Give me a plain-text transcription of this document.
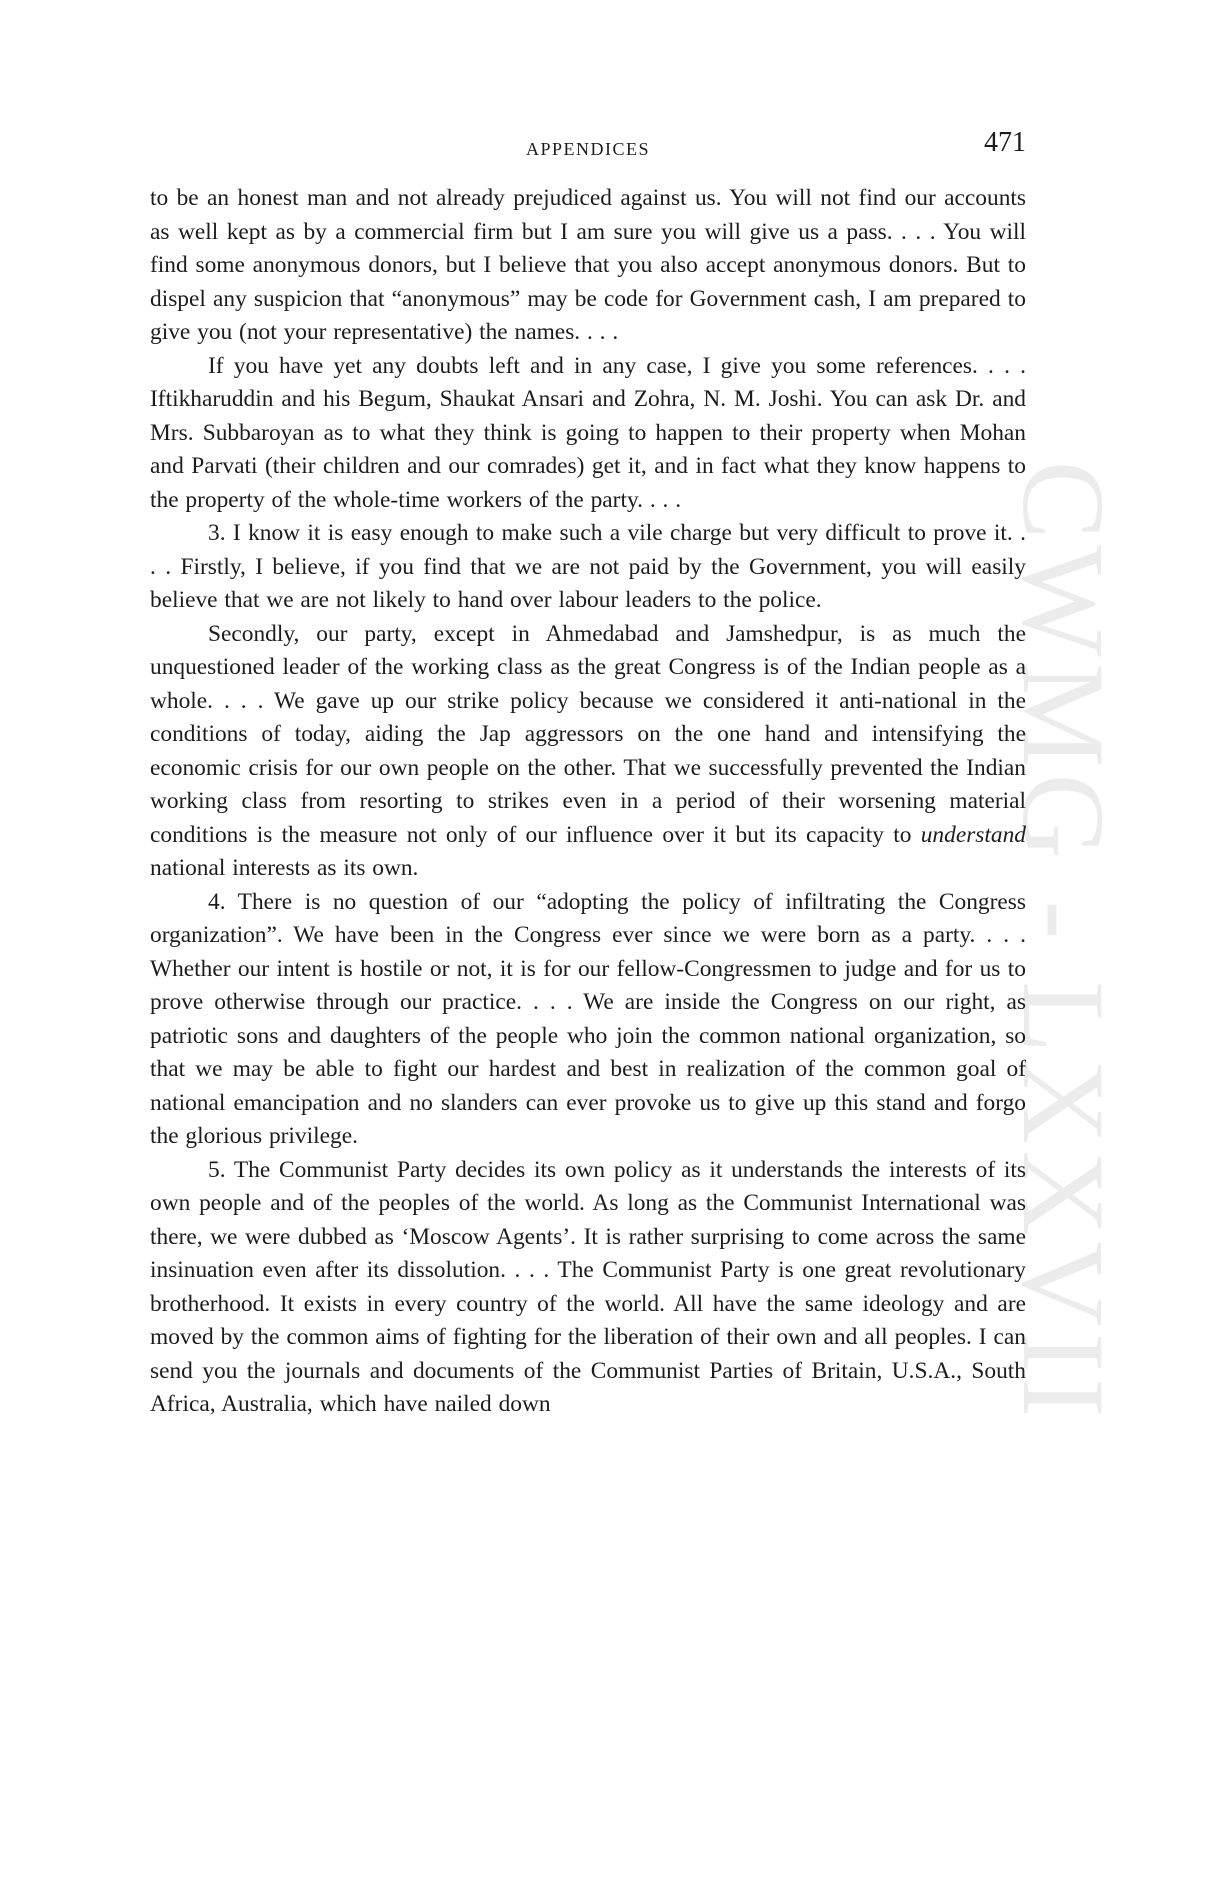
CWMG - LXXVII
APPENDICES	471

to be an honest man and not already prejudiced against us. You will not find our accounts as well kept as by a commercial firm but I am sure you will give us a pass. . . . You will find some anonymous donors, but I believe that you also accept anonymous donors. But to dispel any suspicion that “anonymous” may be code for Government cash, I am prepared to give you (not your representative) the names. . . .

If you have yet any doubts left and in any case, I give you some references. . . . Iftikharuddin and his Begum, Shaukat Ansari and Zohra, N. M. Joshi. You can ask Dr. and Mrs. Subbaroyan as to what they think is going to happen to their property when Mohan and Parvati (their children and our comrades) get it, and in fact what they know happens to the property of the whole-time workers of the party. . . .

3. I know it is easy enough to make such a vile charge but very difficult to prove it. . . . Firstly, I believe, if you find that we are not paid by the Government, you will easily believe that we are not likely to hand over labour leaders to the police.

Secondly, our party, except in Ahmedabad and Jamshedpur, is as much the unquestioned leader of the working class as the great Congress is of the Indian people as a whole. . . . We gave up our strike policy because we considered it anti-national in the conditions of today, aiding the Jap aggressors on the one hand and intensifying the economic crisis for our own people on the other. That we successfully prevented the Indian working class from resorting to strikes even in a period of their worsening material conditions is the measure not only of our influence over it but its capacity to understand national interests as its own.

4. There is no question of our “adopting the policy of infiltrating the Congress organization”. We have been in the Congress ever since we were born as a party. . . . Whether our intent is hostile or not, it is for our fellow-Congressmen to judge and for us to prove otherwise through our practice. . . . We are inside the Congress on our right, as patriotic sons and daughters of the people who join the common national organization, so that we may be able to fight our hardest and best in realization of the common goal of national emancipation and no slanders can ever provoke us to give up this stand and forgo the glorious privilege.

5. The Communist Party decides its own policy as it understands the interests of its own people and of the peoples of the world. As long as the Communist International was there, we were dubbed as ‘Moscow Agents’. It is rather surprising to come across the same insinuation even after its dissolution. . . . The Communist Party is one great revolutionary brotherhood. It exists in every country of the world. All have the same ideology and are moved by the common aims of fighting for the liberation of their own and all peoples. I can send you the journals and documents of the Communist Parties of Britain, U.S.A., South Africa, Australia, which have nailed down
